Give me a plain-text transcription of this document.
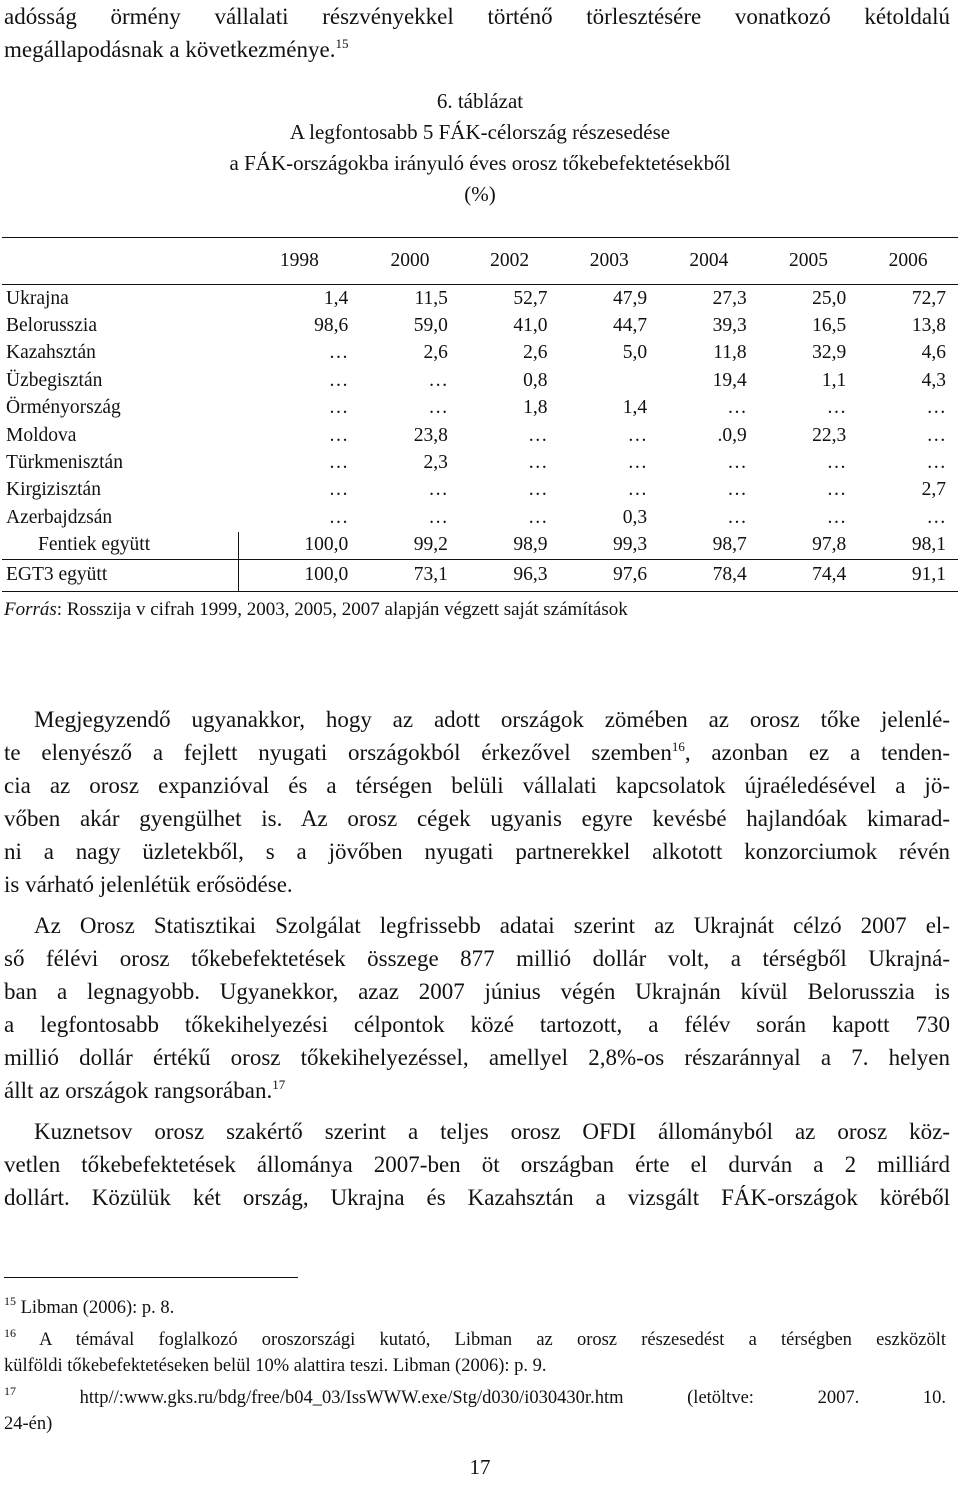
adósság örmény vállalati részvényekkel történő törlesztésére vonatkozó kétoldalú
megállapodásnak a következménye.$^{15}$
6. táblázat
A legfontosabb 5 FÁK-célország részesedése
a FÁK-országokba irányuló éves orosz tőkebefektetésekből
(%)
	1998	2000	2002	2003	2004	2005	2006
Ukrajna	1,4	11,5	52,7	47,9	27,3	25,0	72,7
Belorusszia	98,6	59,0	41,0	44,7	39,3	16,5	13,8
Kazahsztán	…	2,6	2,6	5,0	11,8	32,9	4,6
Üzbegisztán	…	…	0,8		19,4	1,1	4,3
Örményország	…	…	1,8	1,4	…	…	…
Moldova	…	23,8	…	…	.0,9	22,3	…
Türkmenisztán	…	2,3	…	…	…	…	…
Kirgizisztán	…	…	…	…	…	…	2,7
Azerbajdzsán	…	…	…	0,3	…	…	…
Fentiek együtt	100,0	99,2	98,9	99,3	98,7	97,8	98,1
EGT3 együtt	100,0	73,1	96,3	97,6	78,4	74,4	91,1
Forrás: Rosszija v cifrah 1999, 2003, 2005, 2007 alapján végzett saját számítások
Megjegyzendő ugyanakkor, hogy az adott országok zömében az orosz tőke jelenlé-
te elenyésző a fejlett nyugati országokból érkezővel szemben$^{16}$, azonban ez a tenden-
cia az orosz expanzióval és a térségen belüli vállalati kapcsolatok újraéledésével a jö-
vőben akár gyengülhet is. Az orosz cégek ugyanis egyre kevésbé hajlandóak kimarad-
ni a nagy üzletekből, s a jövőben nyugati partnerekkel alkotott konzorciumok révén
is várható jelenlétük erősödése.
Az Orosz Statisztikai Szolgálat legfrissebb adatai szerint az Ukrajnát célzó 2007 el-
ső félévi orosz tőkebefektetések összege 877 millió dollár volt, a térségből Ukrajná-
ban a legnagyobb. Ugyanekkor, azaz 2007 június végén Ukrajnán kívül Belorusszia is
a legfontosabb tőkekihelyezési célpontok közé tartozott, a félév során kapott 730
millió dollár értékű orosz tőkekihelyezéssel, amellyel 2,8%-os részaránnyal a 7. helyen
állt az országok rangsorában.$^{17}$
Kuznetsov orosz szakértő szerint a teljes orosz OFDI állományból az orosz köz-
vetlen tőkebefektetések állománya 2007-ben öt országban érte el durván a 2 milliárd
dollárt. Közülük két ország, Ukrajna és Kazahsztán a vizsgált FÁK-országok köréből
$^{15}$ Libman (2006): p. 8.
$^{16}$ A témával foglalkozó oroszországi kutató, Libman az orosz részesedést a térségben eszközölt
külföldi tőkebefektetéseken belül 10% alattira teszi. Libman (2006): p. 9.
$^{17}$ http//:www.gks.ru/bdg/free/b04_03/IssWWW.exe/Stg/d030/i030430r.htm (letöltve: 2007. 10.
24-én)
17
